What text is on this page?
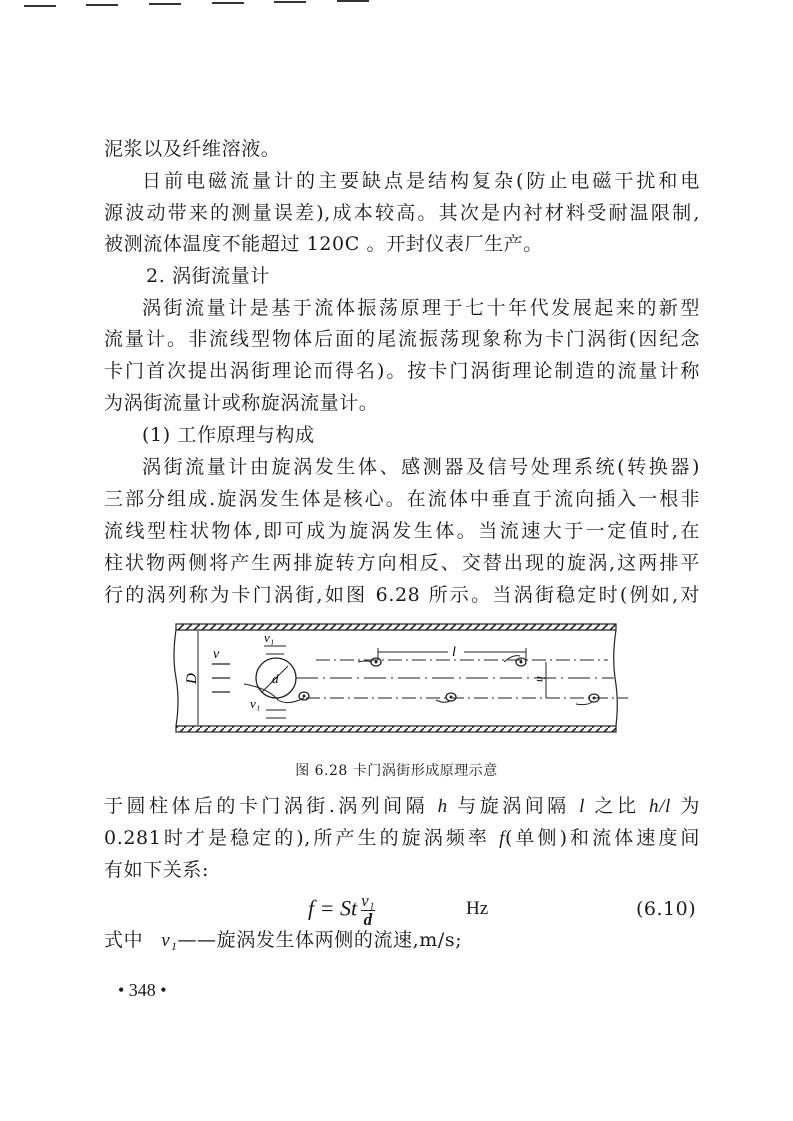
泥浆以及纤维溶液。
日前电磁流量计的主要缺点是结构复杂(防止电磁干扰和电
源波动带来的测量误差),成本较高。其次是内衬材料受耐温限制,
被测流体温度不能超过 120C 。开封仪表厂生产。
2. 涡街流量计
涡街流量计是基于流体振荡原理于七十年代发展起来的新型
流量计。非流线型物体后面的尾流振荡现象称为卡门涡街(因纪念
卡门首次提出涡街理论而得名)。按卡门涡街理论制造的流量计称
为涡街流量计或称旋涡流量计。
(1) 工作原理与构成
涡街流量计由旋涡发生体、感测器及信号处理系统(转换器)
三部分组成.旋涡发生体是核心。在流体中垂直于流向插入一根非
流线型柱状物体,即可成为旋涡发生体。当流速大于一定值时,在
柱状物两侧将产生两排旋转方向相反、交替出现的旋涡,这两排平
行的涡列称为卡门涡街,如图 6.28 所示。当涡街稳定时(例如,对
D
v
d
v₁
v₁
l
h
图 6.28 卡门涡街形成原理示意
于圆柱体后的卡门涡街.涡列间隔 h 与旋涡间隔 l 之比 h/l 为
0.281时才是稳定的),所产生的旋涡频率 f(单侧)和流体速度间
有如下关系:
f = St $\frac{\text{v₁}}{d}$	Hz	(6.10)
式中 v₁——旋涡发生体两侧的流速,m/s;
• 348 •
